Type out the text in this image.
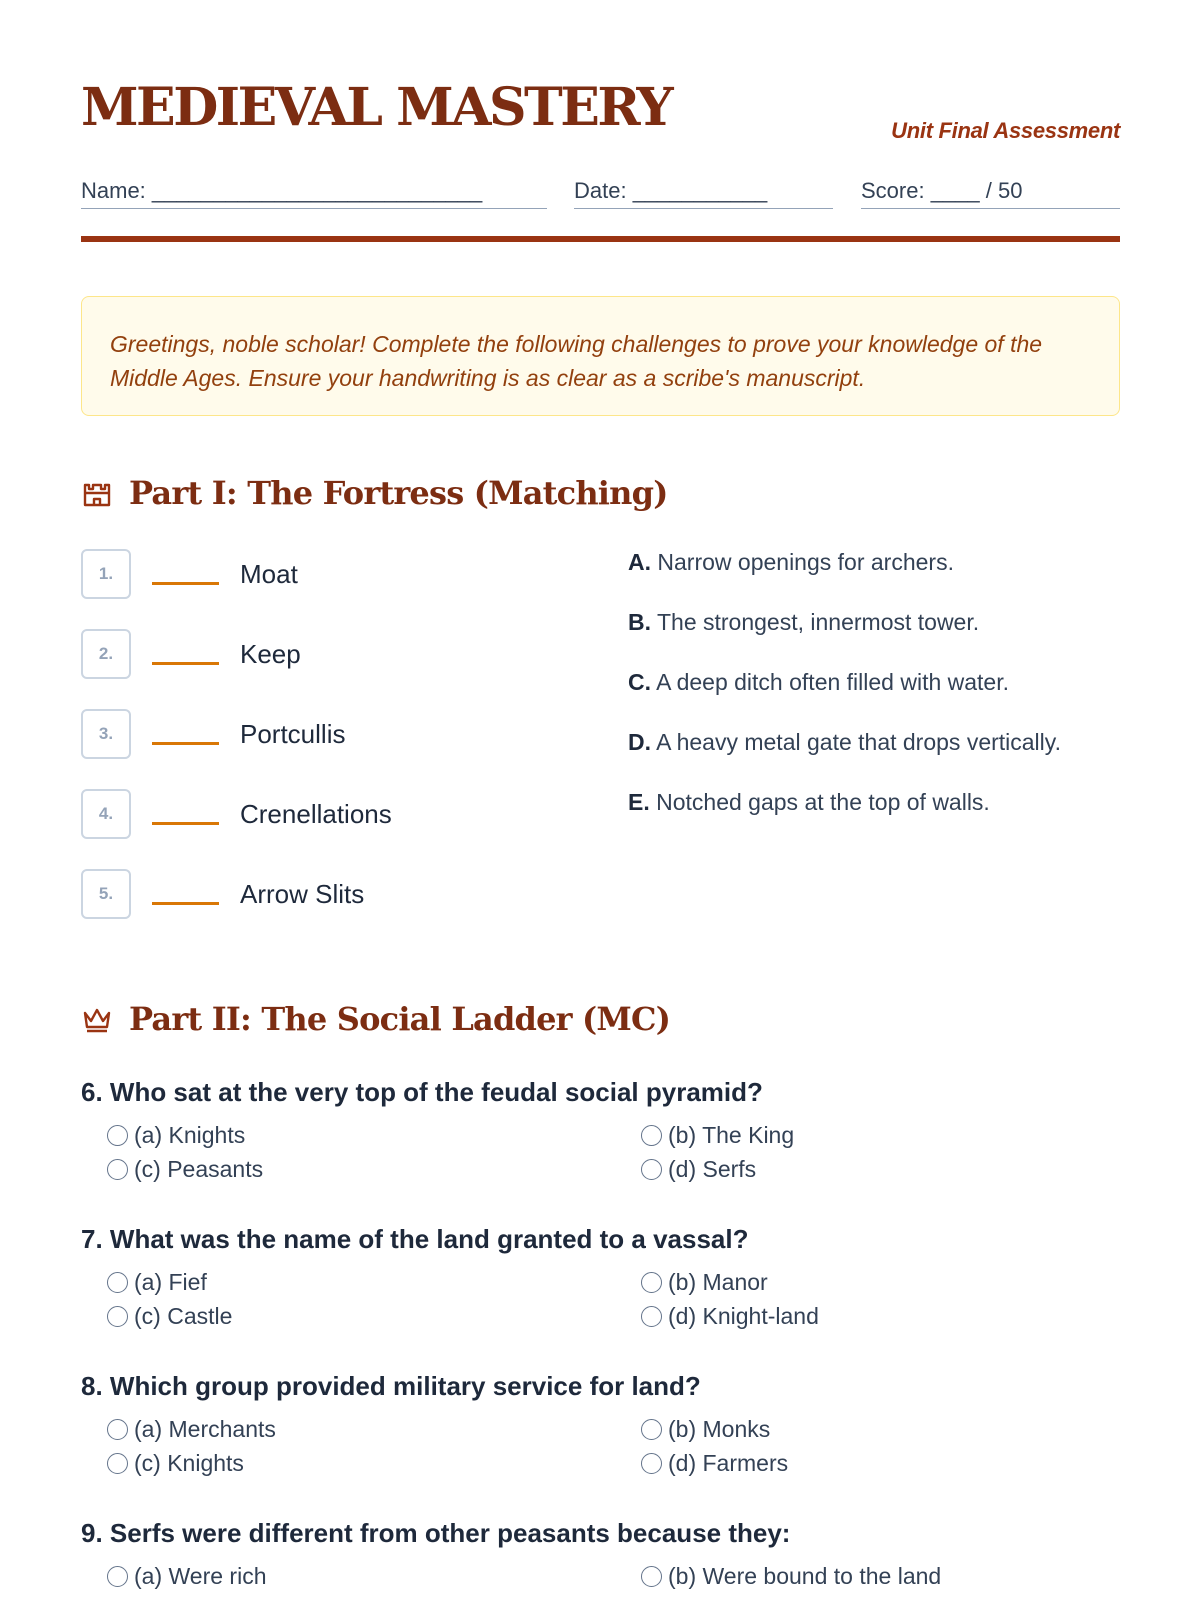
MEDIEVAL MASTERY	Unit Final Assessment
Name: ___________________________	Date: ___________	Score: ____ / 50
Greetings, noble scholar! Complete the following challenges to prove your knowledge of the Middle Ages. Ensure your handwriting is as clear as a scribe's manuscript.
Part I: The Fortress (Matching)
1.	Moat
2.	Keep
3.	Portcullis
4.	Crenellations
5.	Arrow Slits
A. Narrow openings for archers.
B. The strongest, innermost tower.
C. A deep ditch often filled with water.
D. A heavy metal gate that drops vertically.
E. Notched gaps at the top of walls.
Part II: The Social Ladder (MC)
6. Who sat at the very top of the feudal social pyramid?
(a) Knights	(b) The King
(c) Peasants	(d) Serfs
7. What was the name of the land granted to a vassal?
(a) Fief	(b) Manor
(c) Castle	(d) Knight-land
8. Which group provided military service for land?
(a) Merchants	(b) Monks
(c) Knights	(d) Farmers
9. Serfs were different from other peasants because they:
(a) Were rich	(b) Were bound to the land
